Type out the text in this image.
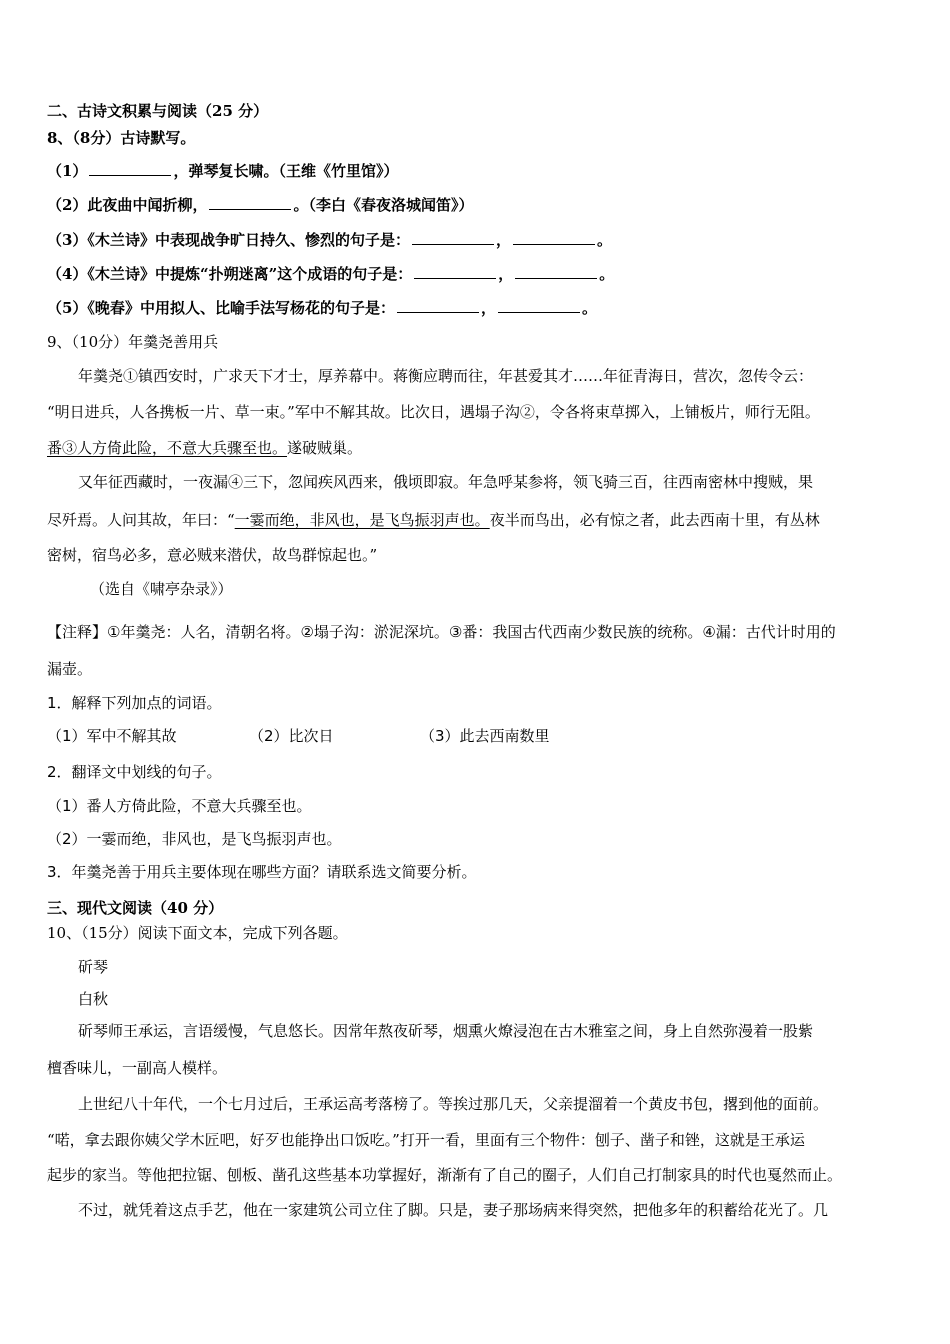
二、古诗文积累与阅读（25 分）
8、（8分）古诗默写。
（1）	，弹琴复长啸。（王维《竹里馆》）
（2）此夜曲中闻折柳，	。（李白《春夜洛城闻笛》）
（3）《木兰诗》中表现战争旷日持久、惨烈的句子是：	，	。
（4）《木兰诗》中提炼“扑朔迷离”这个成语的句子是：	，	。
（5）《晚春》中用拟人、比喻手法写杨花的句子是：	，	。
9、（10分）年羹尧善用兵
年羹尧①镇西安时，广求天下才士，厚养幕中。蒋衡应聘而往，年甚爱其才……年征青海日，营次，忽传令云：
“明日进兵，人各携板一片、草一束。”军中不解其故。比次日，遇塌子沟②，令各将束草掷入，上铺板片，师行无阻。
番③人方倚此险，不意大兵骤至也。遂破贼巢。
又年征西藏时，一夜漏④三下，忽闻疾风西来，俄顷即寂。年急呼某参将，领飞骑三百，往西南密林中搜贼，果
尽歼焉。人问其故，年曰：“一霎而绝，非风也，是飞鸟振羽声也。夜半而鸟出，必有惊之者，此去西南十里，有丛林
密树，宿鸟必多，意必贼来潜伏，故鸟群惊起也。”
（选自《啸亭杂录》）
【注释】①年羹尧：人名，清朝名将。②塌子沟：淤泥深坑。③番：我国古代西南少数民族的统称。④漏：古代计时用的
漏壶。
1．解释下列加点的词语。
（1）军中不解其故	（2）比次日	（3）此去西南数里
2．翻译文中划线的句子。
（1）番人方倚此险，不意大兵骤至也。
（2）一霎而绝，非风也，是飞鸟振羽声也。
3．年羹尧善于用兵主要体现在哪些方面？请联系选文简要分析。
三、现代文阅读（40 分）
10、（15分）阅读下面文本，完成下列各题。
斫琴
白秋
斫琴师王承运，言语缓慢，气息悠长。因常年熬夜斫琴，烟熏火燎浸泡在古木雅室之间，身上自然弥漫着一股紫
檀香味儿，一副高人模样。
上世纪八十年代，一个七月过后，王承运高考落榜了。等挨过那几天，父亲提溜着一个黄皮书包，撂到他的面前。
“喏，拿去跟你姨父学木匠吧，好歹也能挣出口饭吃。”打开一看，里面有三个物件：刨子、凿子和锉，这就是王承运
起步的家当。等他把拉锯、刨板、凿孔这些基本功掌握好，渐渐有了自己的圈子，人们自己打制家具的时代也戛然而止。
不过，就凭着这点手艺，他在一家建筑公司立住了脚。只是，妻子那场病来得突然，把他多年的积蓄给花光了。几
